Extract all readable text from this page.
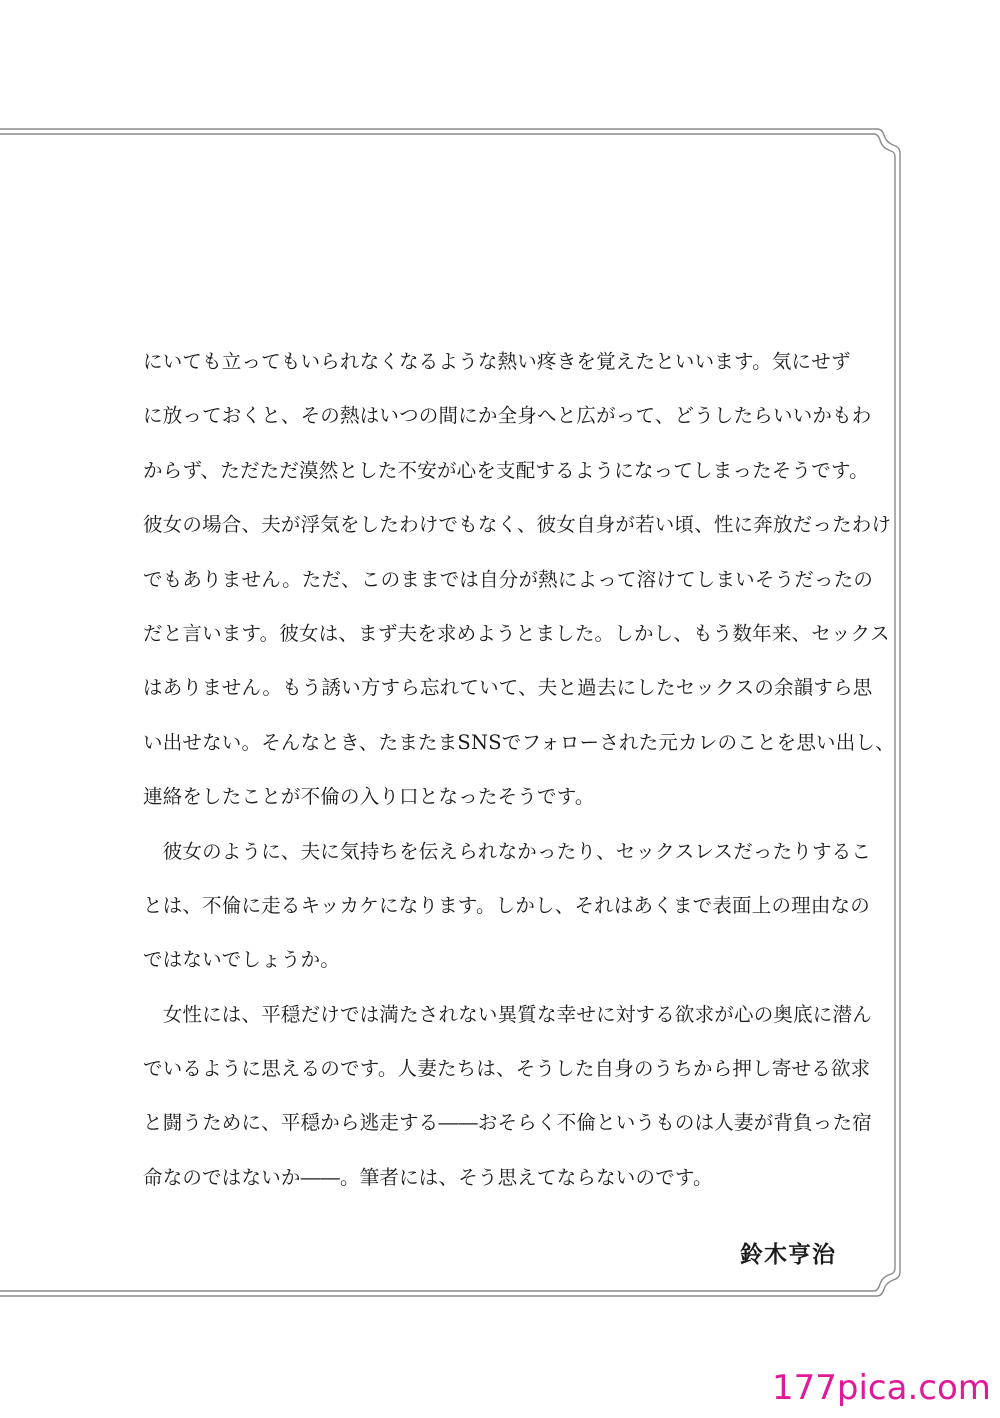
にいても立ってもいられなくなるような熱い疼きを覚えたといいます。気にせず
に放っておくと、その熱はいつの間にか全身へと広がって、どうしたらいいかもわ
からず、ただただ漠然とした不安が心を支配するようになってしまったそうです。
彼女の場合、夫が浮気をしたわけでもなく、彼女自身が若い頃、性に奔放だったわけ
でもありません。ただ、このままでは自分が熱によって溶けてしまいそうだったの
だと言います。彼女は、まず夫を求めようとました。しかし、もう数年来、セックス
はありません。もう誘い方すら忘れていて、夫と過去にしたセックスの余韻すら思
い出せない。そんなとき、たまたまSNSでフォローされた元カレのことを思い出し、
連絡をしたことが不倫の入り口となったそうです。
　彼女のように、夫に気持ちを伝えられなかったり、セックスレスだったりするこ
とは、不倫に走るキッカケになります。しかし、それはあくまで表面上の理由なの
ではないでしょうか。
　女性には、平穏だけでは満たされない異質な幸せに対する欲求が心の奥底に潜ん
でいるように思えるのです。人妻たちは、そうした自身のうちから押し寄せる欲求
と闘うために、平穏から逃走する――おそらく不倫というものは人妻が背負った宿
命なのではないか――。筆者には、そう思えてならないのです。
鈴木亨治
177pica.com
